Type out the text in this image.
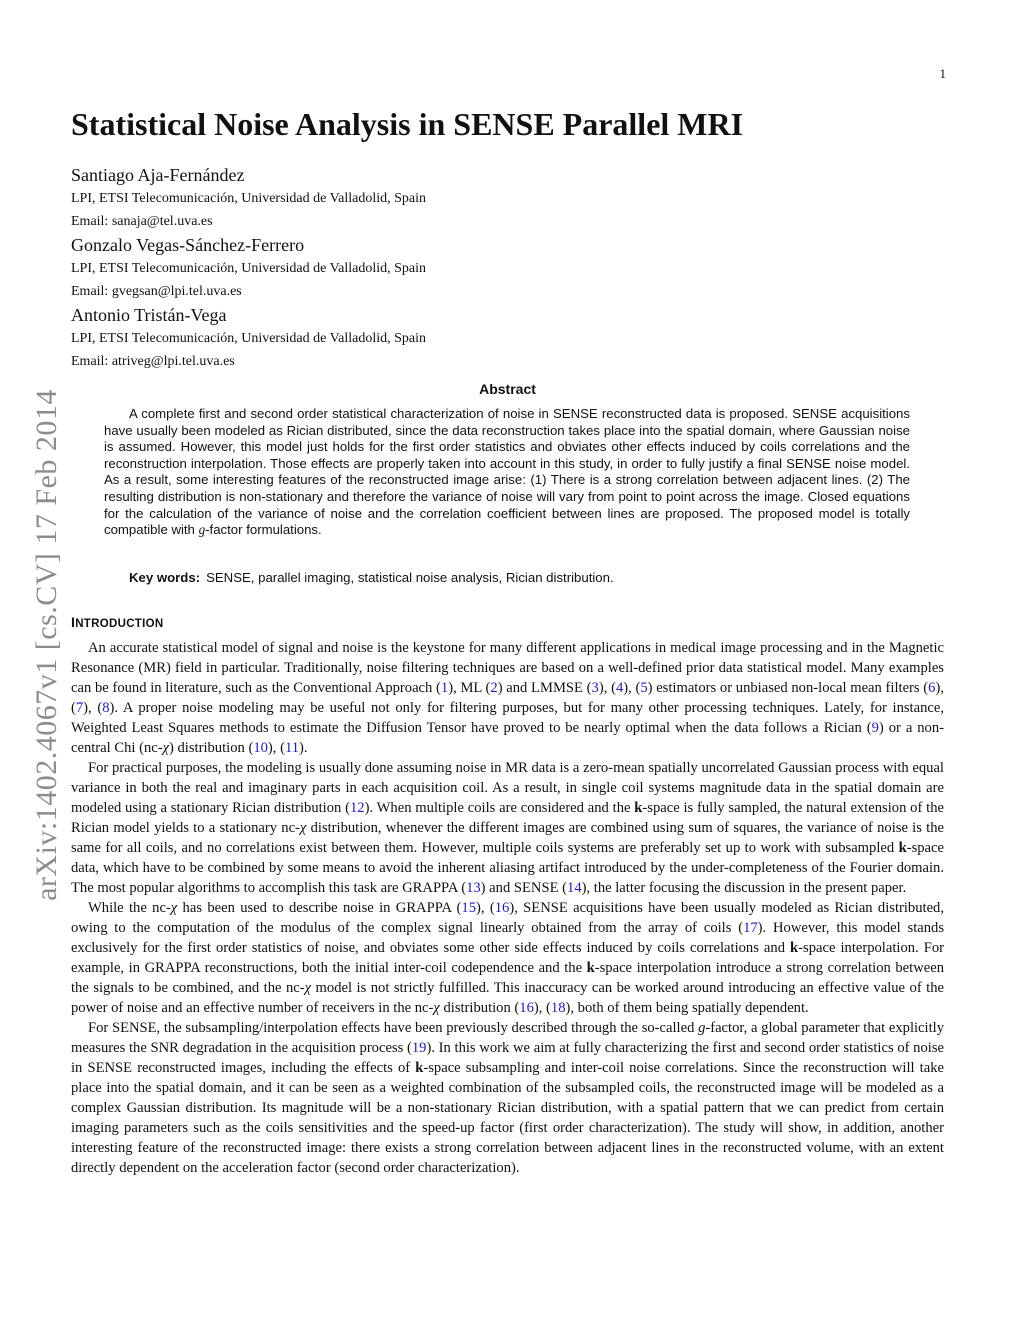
1
arXiv:1402.4067v1 [cs.CV] 17 Feb 2014
Statistical Noise Analysis in SENSE Parallel MRI

Santiago Aja-Fernández

LPI, ETSI Telecomunicación, Universidad de Valladolid, Spain

Email: sanaja@tel.uva.es

Gonzalo Vegas-Sánchez-Ferrero

LPI, ETSI Telecomunicación, Universidad de Valladolid, Spain

Email: gvegsan@lpi.tel.uva.es

Antonio Tristán-Vega

LPI, ETSI Telecomunicación, Universidad de Valladolid, Spain

Email: atriveg@lpi.tel.uva.es

Abstract

A complete first and second order statistical characterization of noise in SENSE reconstructed data is proposed. SENSE acquisitions have usually been modeled as Rician distributed, since the data reconstruction takes place into the spatial domain, where Gaussian noise is assumed. However, this model just holds for the first order statistics and obviates other effects induced by coils correlations and the reconstruction interpolation. Those effects are properly taken into account in this study, in order to fully justify a final SENSE noise model. As a result, some interesting features of the reconstructed image arise: (1) There is a strong correlation between adjacent lines. (2) The resulting distribution is non-stationary and therefore the variance of noise will vary from point to point across the image. Closed equations for the calculation of the variance of noise and the correlation coefficient between lines are proposed. The proposed model is totally compatible with g-factor formulations.

Key words: SENSE, parallel imaging, statistical noise analysis, Rician distribution.
INTRODUCTION

An accurate statistical model of signal and noise is the keystone for many different applications in medical image processing and in the Magnetic Resonance (MR) field in particular. Traditionally, noise filtering techniques are based on a well-defined prior data statistical model. Many examples can be found in literature, such as the Conventional Approach (1), ML (2) and LMMSE (3), (4), (5) estimators or unbiased non-local mean filters (6), (7), (8). A proper noise modeling may be useful not only for filtering purposes, but for many other processing techniques. Lately, for instance, Weighted Least Squares methods to estimate the Diffusion Tensor have proved to be nearly optimal when the data follows a Rician (9) or a non-central Chi (nc-χ) distribution (10), (11).

For practical purposes, the modeling is usually done assuming noise in MR data is a zero-mean spatially uncorrelated Gaussian process with equal variance in both the real and imaginary parts in each acquisition coil. As a result, in single coil systems magnitude data in the spatial domain are modeled using a stationary Rician distribution (12). When multiple coils are considered and the k-space is fully sampled, the natural extension of the Rician model yields to a stationary nc-χ distribution, whenever the different images are combined using sum of squares, the variance of noise is the same for all coils, and no correlations exist between them. However, multiple coils systems are preferably set up to work with subsampled k-space data, which have to be combined by some means to avoid the inherent aliasing artifact introduced by the under-completeness of the Fourier domain. The most popular algorithms to accomplish this task are GRAPPA (13) and SENSE (14), the latter focusing the discussion in the present paper.

While the nc-χ has been used to describe noise in GRAPPA (15), (16), SENSE acquisitions have been usually modeled as Rician distributed, owing to the computation of the modulus of the complex signal linearly obtained from the array of coils (17). However, this model stands exclusively for the first order statistics of noise, and obviates some other side effects induced by coils correlations and k-space interpolation. For example, in GRAPPA reconstructions, both the initial inter-coil codependence and the k-space interpolation introduce a strong correlation between the signals to be combined, and the nc-χ model is not strictly fulfilled. This inaccuracy can be worked around introducing an effective value of the power of noise and an effective number of receivers in the nc-χ distribution (16), (18), both of them being spatially dependent.

For SENSE, the subsampling/interpolation effects have been previously described through the so-called g-factor, a global parameter that explicitly measures the SNR degradation in the acquisition process (19). In this work we aim at fully characterizing the first and second order statistics of noise in SENSE reconstructed images, including the effects of k-space subsampling and inter-coil noise correlations. Since the reconstruction will take place into the spatial domain, and it can be seen as a weighted combination of the subsampled coils, the reconstructed image will be modeled as a complex Gaussian distribution. Its magnitude will be a non-stationary Rician distribution, with a spatial pattern that we can predict from certain imaging parameters such as the coils sensitivities and the speed-up factor (first order characterization). The study will show, in addition, another interesting feature of the reconstructed image: there exists a strong correlation between adjacent lines in the reconstructed volume, with an extent directly dependent on the acceleration factor (second order characterization).
